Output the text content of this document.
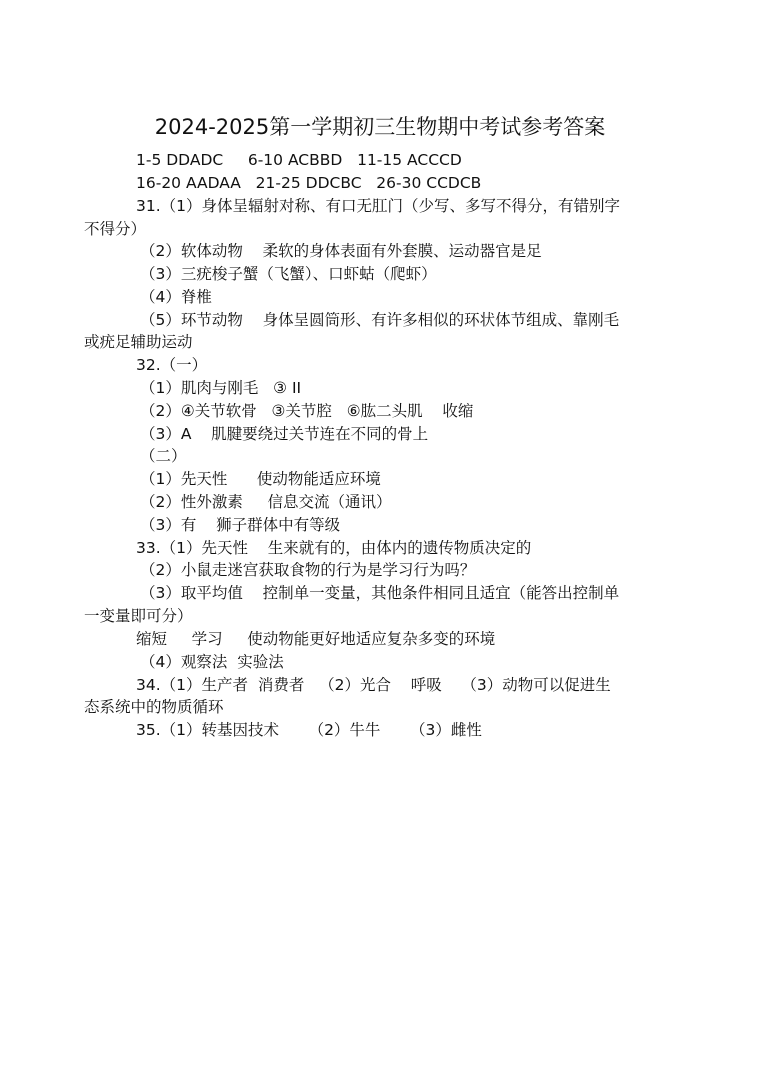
2024-2025第一学期初三生物期中考试参考答案
1-5 DDADC     6-10 ACBBD   11-15 ACCCD
16-20 AADAA   21-25 DDCBC   26-30 CCDCB
31.（1）身体呈辐射对称、有口无肛门（少写、多写不得分，有错别字
不得分）
（2）软体动物    柔软的身体表面有外套膜、运动器官是足
（3）三疣梭子蟹（飞蟹）、口虾蛄（爬虾）
（4）脊椎
（5）环节动物    身体呈圆筒形、有许多相似的环状体节组成、靠刚毛
或疣足辅助运动
32.（一）
（1）肌肉与刚毛   ③ II
（2）④关节软骨   ③关节腔   ⑥肱二头肌    收缩
（3）A    肌腱要绕过关节连在不同的骨上
（二）
（1）先天性      使动物能适应环境
（2）性外激素     信息交流（通讯）
（3）有    狮子群体中有等级
33.（1）先天性    生来就有的，由体内的遗传物质决定的
（2）小鼠走迷宫获取食物的行为是学习行为吗？
（3）取平均值    控制单一变量，其他条件相同且适宜（能答出控制单
一变量即可分）
缩短     学习     使动物能更好地适应复杂多变的环境
（4）观察法  实验法
34.（1）生产者  消费者   （2）光合    呼吸    （3）动物可以促进生
态系统中的物质循环
35.（1）转基因技术      （2）牛牛      （3）雌性
